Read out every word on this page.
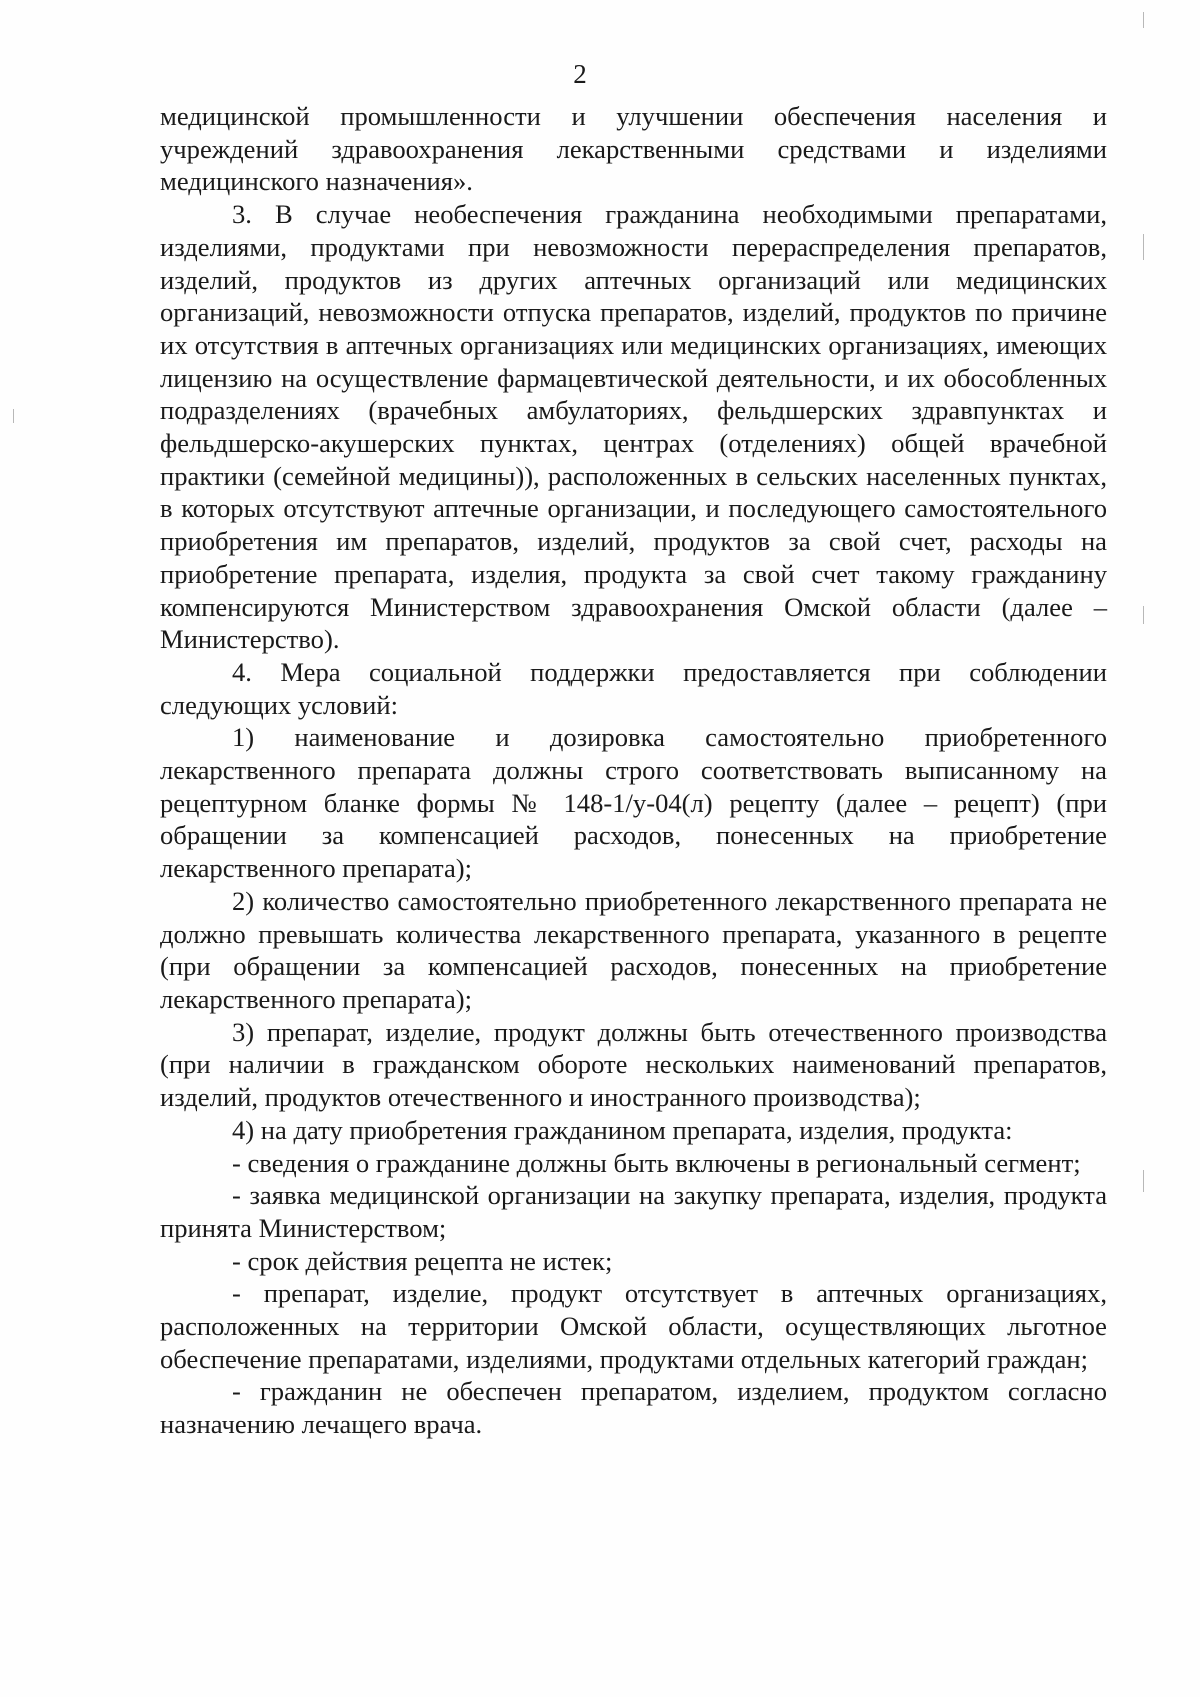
2

медицинской промышленности и улучшении обеспечения населения и учреждений здравоохранения лекарственными средствами и изделиями медицинского назначения».

3. В случае необеспечения гражданина необходимыми препаратами, изделиями, продуктами при невозможности перераспределения препаратов, изделий, продуктов из других аптечных организаций или медицинских организаций, невозможности отпуска препаратов, изделий, продуктов по причине их отсутствия в аптечных организациях или медицинских организациях, имеющих лицензию на осуществление фармацевтической деятельности, и их обособленных подразделениях (врачебных амбулаториях, фельдшерских здравпунктах и фельдшерско-акушерских пунктах, центрах (отделениях) общей врачебной практики (семейной медицины)), расположенных в сельских населенных пунктах, в которых отсутствуют аптечные организации, и последующего самостоятельного приобретения им препаратов, изделий, продуктов за свой счет, расходы на приобретение препарата, изделия, продукта за свой счет такому гражданину компенсируются Министерством здравоохранения Омской области (далее – Министерство).

4. Мера социальной поддержки предоставляется при соблюдении следующих условий:

1) наименование и дозировка самостоятельно приобретенного лекарственного препарата должны строго соответствовать выписанному на рецептурном бланке формы № 148-1/у-04(л) рецепту (далее – рецепт) (при обращении за компенсацией расходов, понесенных на приобретение лекарственного препарата);

2) количество самостоятельно приобретенного лекарственного препарата не должно превышать количества лекарственного препарата, указанного в рецепте (при обращении за компенсацией расходов, понесенных на приобретение лекарственного препарата);

3) препарат, изделие, продукт должны быть отечественного производства (при наличии в гражданском обороте нескольких наименований препаратов, изделий, продуктов отечественного и иностранного производства);

4) на дату приобретения гражданином препарата, изделия, продукта:

- сведения о гражданине должны быть включены в региональный сегмент;

- заявка медицинской организации на закупку препарата, изделия, продукта принята Министерством;

- срок действия рецепта не истек;

- препарат, изделие, продукт отсутствует в аптечных организациях, расположенных на территории Омской области, осуществляющих льготное обеспечение препаратами, изделиями, продуктами отдельных категорий граждан;

- гражданин не обеспечен препаратом, изделием, продуктом согласно назначению лечащего врача.
